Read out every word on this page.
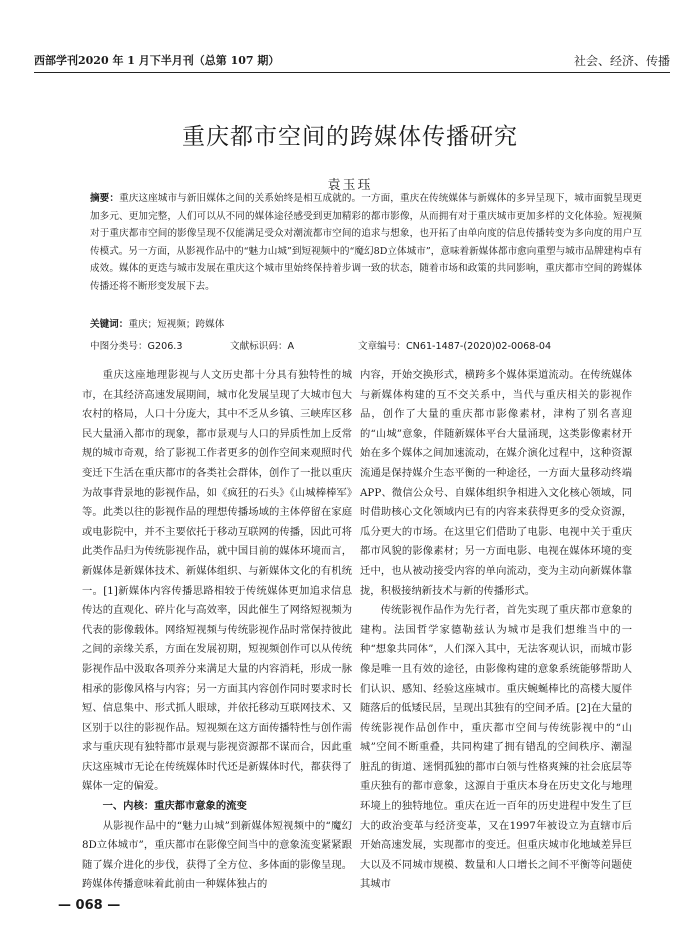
西部学刊2020 年 1 月下半月刊（总第 107 期）	社会、经济、传播
重庆都市空间的跨媒体传播研究
袁玉珏
摘要：重庆这座城市与新旧媒体之间的关系始终是相互成就的。一方面，重庆在传统媒体与新媒体的多异呈现下，城市面貌呈现更加多元、更加完整，人们可以从不同的媒体途径感受到更加精彩的都市影像，从而拥有对于重庆城市更加多样的文化体验。短视频对于重庆都市空间的影像呈现不仅能满足受众对潮流都市空间的追求与想象，也开拓了由单向度的信息传播转变为多向度的用户互传模式。另一方面，从影视作品中的“魅力山城”到短视频中的“魔幻8D立体城市”，意味着新媒体都市愈向重塑与城市品牌建构卓有成效。媒体的更迭与城市发展在重庆这个城市里始终保持着步调一致的状态，随着市场和政策的共同影响，重庆都市空间的跨媒体传播还将不断形变发展下去。
关键词：重庆；短视频；跨媒体
中图分类号：G206.3	文献标识码：A	文章编号：CN61-1487-(2020)02-0068-04

重庆这座地理影视与人文历史都十分具有独特性的城市，在其经济高速发展期间，城市化发展呈现了大城市包大农村的格局，人口十分庞大，其中不乏从乡镇、三峡库区移民大量涌入都市的现象，都市景观与人口的异质性加上反常规的城市奇观，给了影视工作者更多的创作空间来观照时代变迁下生活在重庆都市的各类社会群体，创作了一批以重庆为故事背景地的影视作品，如《疯狂的石头》《山城棒棒军》等。此类以往的影视作品的理想传播场域的主体停留在家庭或电影院中，并不主要依托于移动互联网的传播，因此可将此类作品归为传统影视作品，就中国目前的媒体环境而言，新媒体是新媒体技术、新媒体组织、与新媒体文化的有机统一。[1]新媒体内容传播思路相较于传统媒体更加追求信息传达的直观化、碎片化与高效率，因此催生了网络短视频为代表的影像载体。网络短视频与传统影视作品时常保持彼此之间的亲缘关系，方面在发展初期，短视频创作可以从传统影视作品中汲取各项养分来满足大量的内容消耗，形成一脉相承的影像风格与内容；另一方面其内容创作同时要求时长短、信息集中、形式抓人眼球，并依托移动互联网技术、又区别于以往的影视作品。短视频在这方面传播特性与创作需求与重庆现有独特都市景观与影视资源都不谋而合，因此重庆这座城市无论在传统媒体时代还是新媒体时代，都获得了媒体一定的偏爱。

一、内核：重庆都市意象的流变

从影视作品中的“魅力山城”到新媒体短视频中的“魔幻8D立体城市”，重庆都市在影像空间当中的意象流变紧紧跟随了媒介进化的步伐，获得了全方位、多体面的影像呈现。跨媒体传播意味着此前由一种媒体独占的

内容，开始交换形式，横跨多个媒体渠道流动。在传统媒体与新媒体构建的互不交关系中，当代与重庆相关的影视作品，创作了大量的重庆都市影像素材，津构了别名喜迎的“山城”意象，伴随新媒体平台大量涌现，这类影像素材开始在多个媒体之间加速流动，在媒介演化过程中，这种资源流通是保持媒介生态平衡的一种途径，一方面大量移动终端APP、微信公众号、自媒体组织争相进入文化核心领域，同时借助核心文化领域内已有的内容来获得更多的受众资源，瓜分更大的市场。在这里它们借助了电影、电视中关于重庆都市风貌的影像素材；另一方面电影、电视在媒体环境的变迁中，也从被动接受内容的单向流动，变为主动向新媒体靠拢，积极接纳新技术与新的传播形式。

传统影视作品作为先行者，首先实现了重庆都市意象的建构。法国哲学家德勒兹认为城市是我们想维当中的一种“想象共同体”，人们深入其中，无法客观认识，而城市影像是唯一且有效的途径，由影像构建的意象系统能够帮助人们认识、感知、经验这座城市。重庆蜿蜒棒比的高楼大厦伴随落后的低矮民居，呈现出其独有的空间矛盾。[2]在大量的传统影视作品创作中，重庆都市空间与传统影视中的“山城”空间不断重叠，共同构建了拥有错乱的空间秩序、潮湿脏乱的街道、迷惘孤独的都市白领与性格爽辣的社会底层等重庆独有的都市意象，这源自于重庆本身在历史文化与地理环境上的独特地位。重庆在近一百年的历史进程中发生了巨大的政治变革与经济变革，又在1997年被设立为直辖市后开始高速发展，实现都市的变迁。但重庆城市化地域差异巨大以及不同城市规模、数量和人口增长之间不平衡等问题使其城市

— 068 —
